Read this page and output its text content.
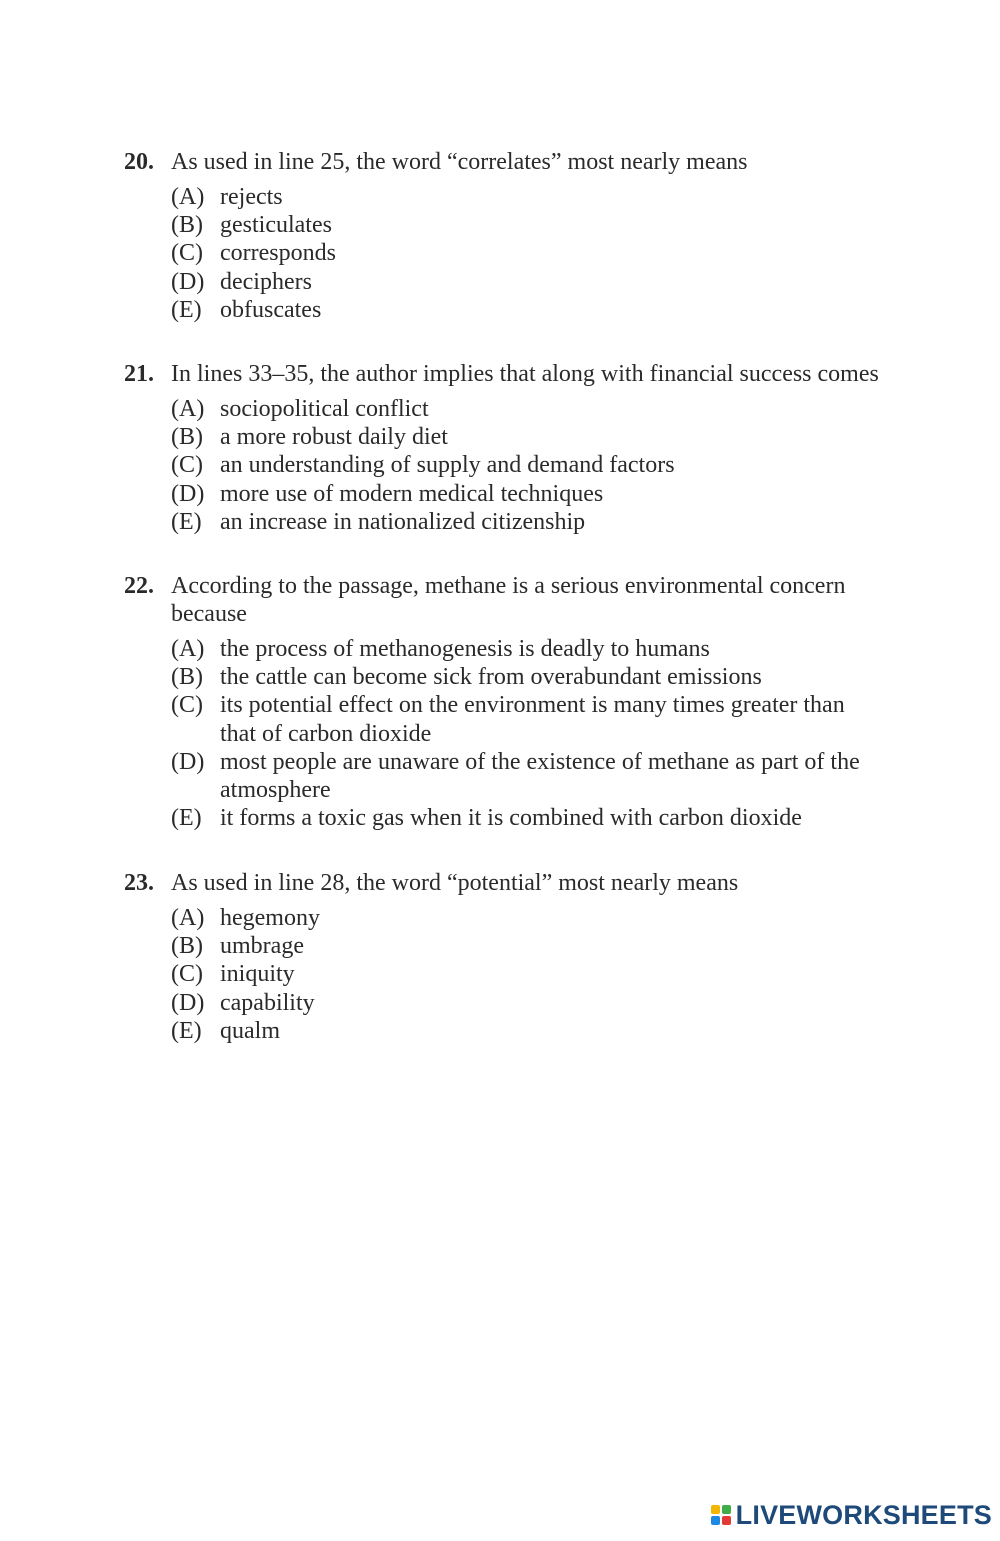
20. As used in line 25, the word “correlates” most nearly means
(A) rejects
(B) gesticulates
(C) corresponds
(D) deciphers
(E) obfuscates
21. In lines 33–35, the author implies that along with financial success comes
(A) sociopolitical conflict
(B) a more robust daily diet
(C) an understanding of supply and demand factors
(D) more use of modern medical techniques
(E) an increase in nationalized citizenship
22. According to the passage, methane is a serious environmental concern because
(A) the process of methanogenesis is deadly to humans
(B) the cattle can become sick from overabundant emissions
(C) its potential effect on the environment is many times greater than that of carbon dioxide
(D) most people are unaware of the existence of methane as part of the atmosphere
(E) it forms a toxic gas when it is combined with carbon dioxide
23. As used in line 28, the word “potential” most nearly means
(A) hegemony
(B) umbrage
(C) iniquity
(D) capability
(E) qualm
LIVEWORKSHEETS
